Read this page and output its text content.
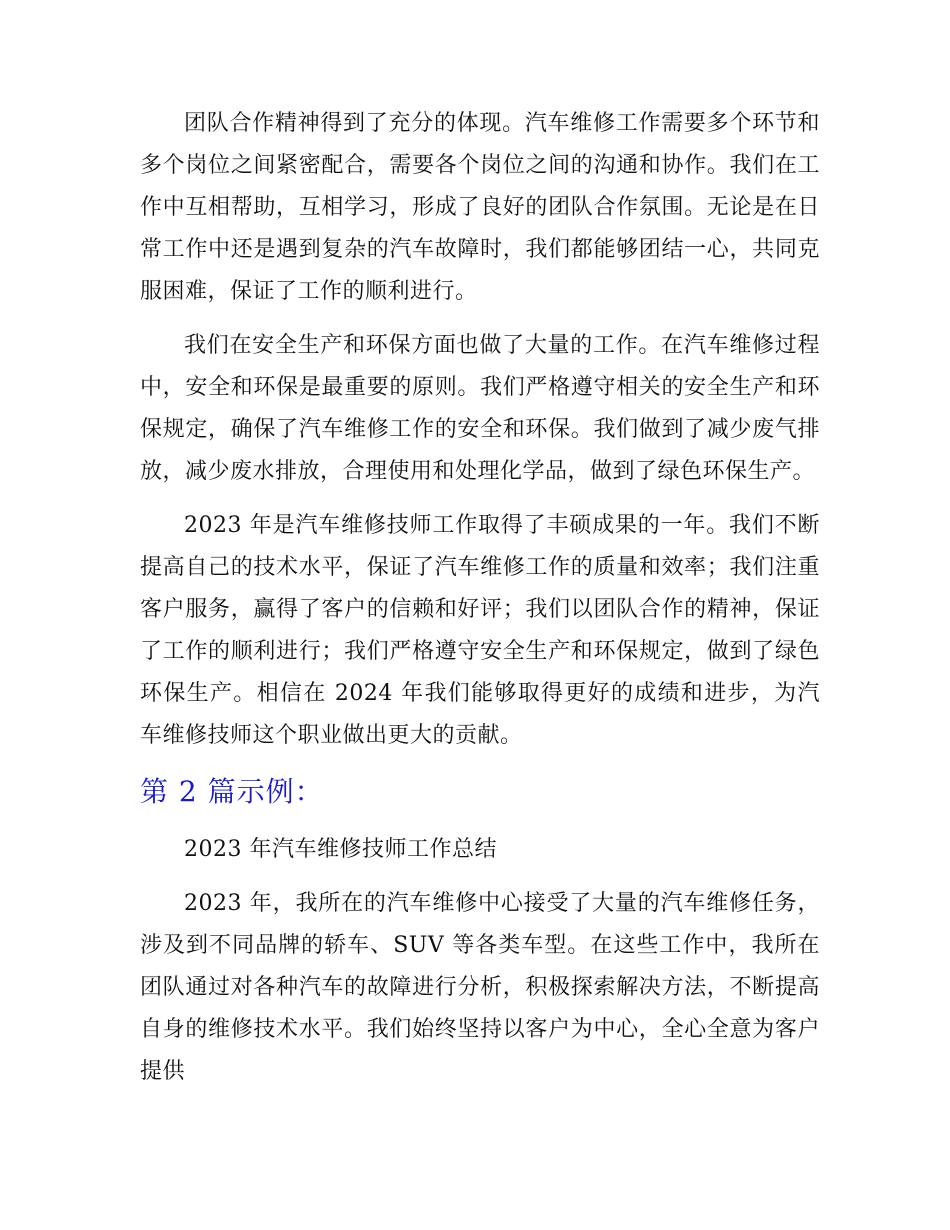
团队合作精神得到了充分的体现。汽车维修工作需要多个环节和多个岗位之间紧密配合，需要各个岗位之间的沟通和协作。我们在工作中互相帮助，互相学习，形成了良好的团队合作氛围。无论是在日常工作中还是遇到复杂的汽车故障时，我们都能够团结一心，共同克服困难，保证了工作的顺利进行。

我们在安全生产和环保方面也做了大量的工作。在汽车维修过程中，安全和环保是最重要的原则。我们严格遵守相关的安全生产和环保规定，确保了汽车维修工作的安全和环保。我们做到了减少废气排放，减少废水排放，合理使用和处理化学品，做到了绿色环保生产。

2023 年是汽车维修技师工作取得了丰硕成果的一年。我们不断提高自己的技术水平，保证了汽车维修工作的质量和效率；我们注重客户服务，赢得了客户的信赖和好评；我们以团队合作的精神，保证了工作的顺利进行；我们严格遵守安全生产和环保规定，做到了绿色环保生产。相信在 2024 年我们能够取得更好的成绩和进步，为汽车维修技师这个职业做出更大的贡献。

第 2 篇示例：

2023 年汽车维修技师工作总结

2023 年，我所在的汽车维修中心接受了大量的汽车维修任务，涉及到不同品牌的轿车、SUV 等各类车型。在这些工作中，我所在团队通过对各种汽车的故障进行分析，积极探索解决方法，不断提高自身的维修技术水平。我们始终坚持以客户为中心，全心全意为客户提供
